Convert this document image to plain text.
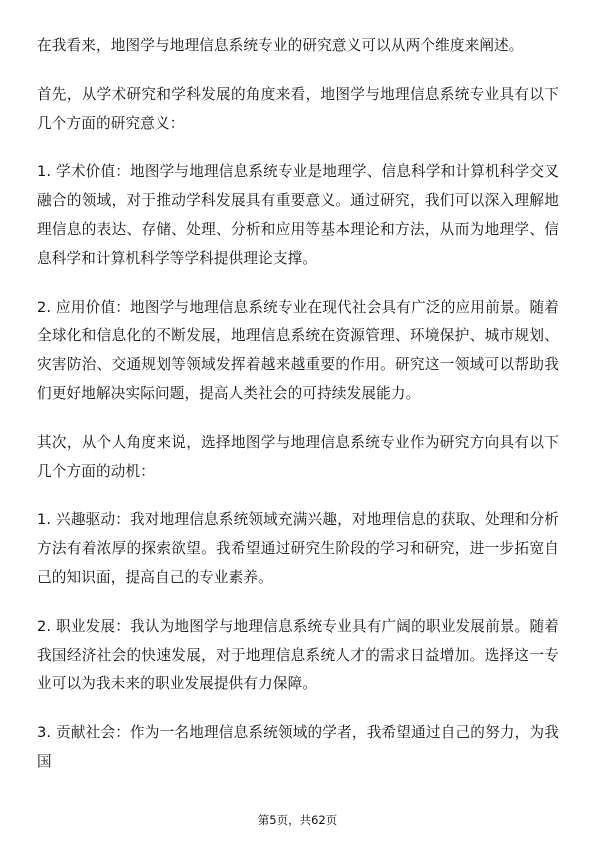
在我看来，地图学与地理信息系统专业的研究意义可以从两个维度来阐述。

首先，从学术研究和学科发展的角度来看，地图学与地理信息系统专业具有以下几个方面的研究意义：

1. 学术价值：地图学与地理信息系统专业是地理学、信息科学和计算机科学交叉融合的领域，对于推动学科发展具有重要意义。通过研究，我们可以深入理解地理信息的表达、存储、处理、分析和应用等基本理论和方法，从而为地理学、信息科学和计算机科学等学科提供理论支撑。

2. 应用价值：地图学与地理信息系统专业在现代社会具有广泛的应用前景。随着全球化和信息化的不断发展，地理信息系统在资源管理、环境保护、城市规划、灾害防治、交通规划等领域发挥着越来越重要的作用。研究这一领域可以帮助我们更好地解决实际问题，提高人类社会的可持续发展能力。

其次，从个人角度来说，选择地图学与地理信息系统专业作为研究方向具有以下几个方面的动机：

1. 兴趣驱动：我对地理信息系统领域充满兴趣，对地理信息的获取、处理和分析方法有着浓厚的探索欲望。我希望通过研究生阶段的学习和研究，进一步拓宽自己的知识面，提高自己的专业素养。

2. 职业发展：我认为地图学与地理信息系统专业具有广阔的职业发展前景。随着我国经济社会的快速发展，对于地理信息系统人才的需求日益增加。选择这一专业可以为我未来的职业发展提供有力保障。

3. 贡献社会：作为一名地理信息系统领域的学者，我希望通过自己的努力，为我国

第5页，共62页
